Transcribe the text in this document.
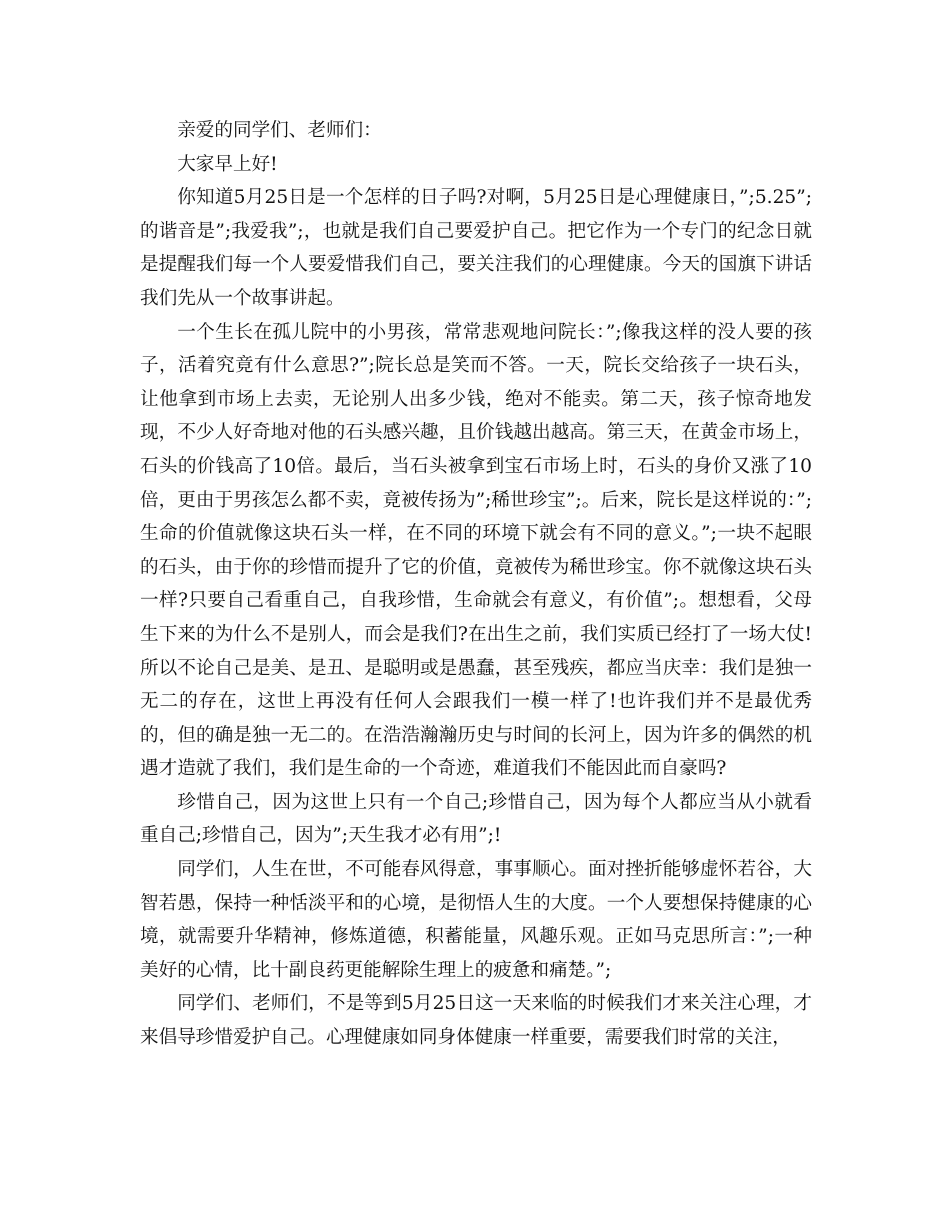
亲爱的同学们、老师们：

大家早上好!

你知道5月25日是一个怎样的日子吗?对啊，5月25日是心理健康日，”;5.25”;的谐音是”;我爱我”;，也就是我们自己要爱护自己。把它作为一个专门的纪念日就是提醒我们每一个人要爱惜我们自己，要关注我们的心理健康。今天的国旗下讲话我们先从一个故事讲起。

一个生长在孤儿院中的小男孩，常常悲观地问院长：”;像我这样的没人要的孩子，活着究竟有什么意思?”;院长总是笑而不答。一天，院长交给孩子一块石头，让他拿到市场上去卖，无论别人出多少钱，绝对不能卖。第二天，孩子惊奇地发现，不少人好奇地对他的石头感兴趣，且价钱越出越高。第三天，在黄金市场上，石头的价钱高了10倍。最后，当石头被拿到宝石市场上时，石头的身价又涨了10倍，更由于男孩怎么都不卖，竟被传扬为”;稀世珍宝”;。后来，院长是这样说的：”;生命的价值就像这块石头一样，在不同的环境下就会有不同的意义。”;一块不起眼的石头，由于你的珍惜而提升了它的价值，竟被传为稀世珍宝。你不就像这块石头一样?只要自己看重自己，自我珍惜，生命就会有意义，有价值”;。想想看，父母生下来的为什么不是别人，而会是我们?在出生之前，我们实质已经打了一场大仗!所以不论自己是美、是丑、是聪明或是愚蠢，甚至残疾，都应当庆幸：我们是独一无二的存在，这世上再没有任何人会跟我们一模一样了!也许我们并不是最优秀的，但的确是独一无二的。在浩浩瀚瀚历史与时间的长河上，因为许多的偶然的机遇才造就了我们，我们是生命的一个奇迹，难道我们不能因此而自豪吗?

珍惜自己，因为这世上只有一个自己;珍惜自己，因为每个人都应当从小就看重自己;珍惜自己，因为”;天生我才必有用”;!

同学们，人生在世，不可能春风得意，事事顺心。面对挫折能够虚怀若谷，大智若愚，保持一种恬淡平和的心境，是彻悟人生的大度。一个人要想保持健康的心境，就需要升华精神，修炼道德，积蓄能量，风趣乐观。正如马克思所言：”;一种美好的心情，比十副良药更能解除生理上的疲惫和痛楚。”;

同学们、老师们，不是等到5月25日这一天来临的时候我们才来关注心理，才来倡导珍惜爱护自己。心理健康如同身体健康一样重要，需要我们时常的关注，
